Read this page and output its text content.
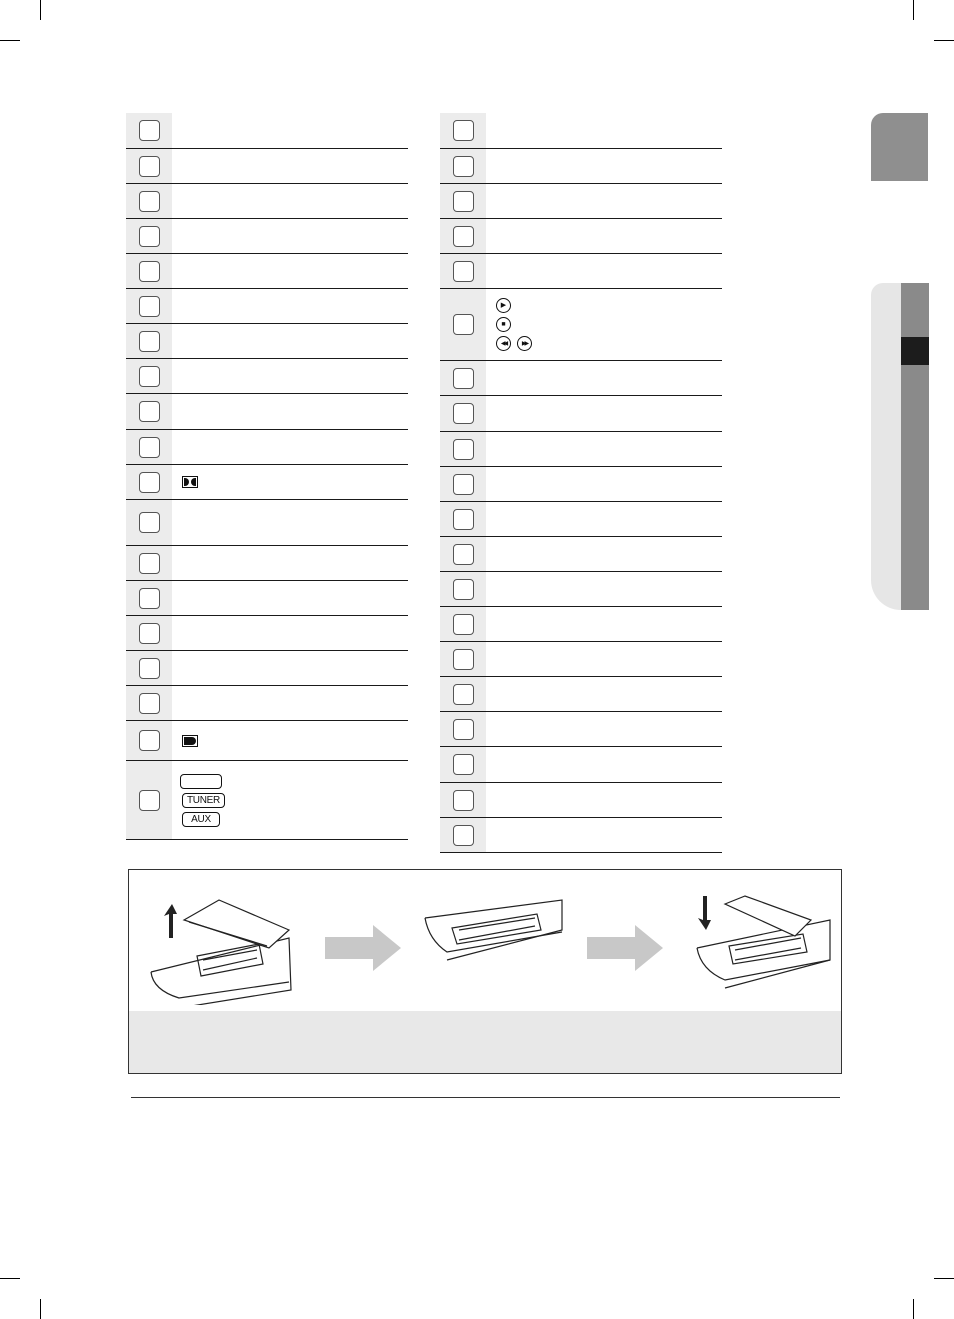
TUNER
AUX
▶
■
◀◀	▶▶
